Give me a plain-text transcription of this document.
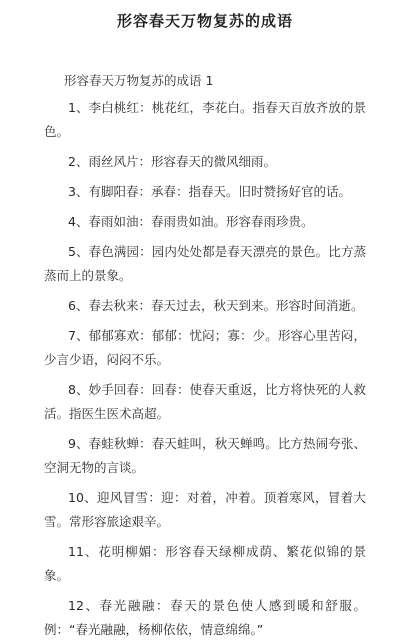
形容春天万物复苏的成语
形容春天万物复苏的成语 1

1、李白桃红：桃花红，李花白。指春天百放齐放的景色。

2、雨丝风片：形容春天的微风细雨。

3、有脚阳春：承春：指春天。旧时赞扬好官的话。

4、春雨如油：春雨贵如油。形容春雨珍贵。

5、春色满园：园内处处都是春天漂亮的景色。比方蒸蒸而上的景象。

6、春去秋来：春天过去，秋天到来。形容时间消逝。

7、郁郁寡欢：郁郁：忧闷；寡：少。形容心里苦闷，少言少语，闷闷不乐。

8、妙手回春：回春：使春天重返，比方将快死的人救活。指医生医术高超。

9、春蛙秋蝉：春天蛙叫，秋天蝉鸣。比方热闹夸张、空洞无物的言谈。

10、迎风冒雪：迎：对着，冲着。顶着寒风，冒着大雪。常形容旅途艰辛。

11、花明柳媚：形容春天绿柳成荫、繁花似锦的景象。

12、春光融融：春天的景色使人感到暖和舒服。例：“春光融融，杨柳依依，情意绵绵。”
